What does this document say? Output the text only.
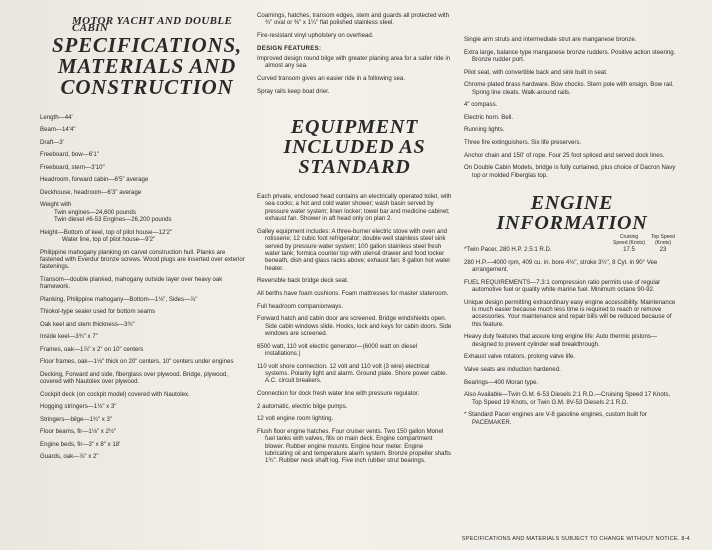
MOTOR YACHT AND DOUBLE CABIN
SPECIFICATIONS,
MATERIALS AND
CONSTRUCTION
Length—44'
Beam—14'4"
Draft—3'
Freeboard, bow—6'1"
Freeboard, stern—3'10"
Headroom, forward cabin—6'5" average
Deckhouse, headroom—6'3" average
Weight with
Twin engines—24,600 pounds
Twin diesel #6-53 Engines—26,200 pounds
Height—Bottom of keel, top of pilot house—12'2"
Water line, top of pilot house—9'2"
Philippine mahogany planking on carvel construction hull. Planks are fastened with Everdur bronze screws. Wood plugs are inserted over exterior fastenings.
Transom—double planked, mahogany outside layer over heavy oak framework.
Planking, Philippine mahogany—Bottom—1⅛", Sides—⅞"
Thiokol-type sealer used for bottom seams
Oak keel and stem thickness—3¾"
Inside keel—3¾" x 7"
Frames, oak—1⅞" x 2" on 10" centers
Floor frames, oak—1⅛" thick on 20" centers, 10" centers under engines
Decking, Forward and side, fiberglass over plywood. Bridge, plywood, covered with Nautolex over plywood.
Cockpit deck (on cockpit model) covered with Nautolex.
Hogging stringers—1⅛" x 3"
Stringers—bilge—1¾" x 3"
Floor beams, fir—1⅛" x 2½"
Engine beds, fir—3" x 8" x 18'
Guards, oak—⅞" x 2"

Coamings, hatches, transom edges, stem and guards all protected with ¾" oval or ⅜" x 1¼" flat polished stainless steel.

Fire-resistant vinyl upholstery on overhead.

DESIGN FEATURES:

Improved design round bilge with greater planing area for a safer ride in almost any sea.

Curved transom gives an easier ride in a following sea.

Spray rails keep boat drier.

EQUIPMENT
INCLUDED AS
STANDARD

Each private, enclosed head contains an electrically operated toilet, with sea cocks; a hot and cold water shower; wash basin served by pressure water system; linen locker; towel bar and medicine cabinet; exhaust fan. Shower in aft head only on plan 2.

Galley equipment includes: A three-burner electric stove with oven and rotisserie; 12 cubic foot refrigerator; double well stainless steel sink served by pressure water system; 100 gallon stainless steel fresh water tank; formica counter top with utensil drawer and food locker beneath, dish and glass racks above; exhaust fan; 8 gallon hot water heater.

Reversible back bridge deck seat.

All berths have foam cushions. Foam mattresses for master stateroom.

Full headroom companionways.

Forward hatch and cabin door are screened. Bridge windshields open. Side cabin windows slide. Hooks, lock and keys for cabin doors. Side windows are screened.

6500 watt, 110 volt electric generator—(6000 watt on diesel installations.)

110 volt shore connection. 12 volt and 110 volt (3 wire) electrical systems. Polarity light and alarm. Ground plate. Shore power cable. A.C. circuit breakers.

Connection for dock fresh water line with pressure regulator.

2 automatic, electric bilge pumps.

12 volt engine room lighting.

Flush floor engine hatches. Four cruiser vents. Two 150 gallon Monel fuel tanks with valves, fills on main deck. Engine compartment blower. Rubber engine mounts. Engine hour meter. Engine lubricating oil and temperature alarm system. Bronze propeller shafts 1¾". Rubber neck shaft log. Five inch rubber strut bearings.

Single arm struts and intermediate strut are manganese bronze.

Extra large, balance type manganese bronze rudders. Positive action steering. Bronze rudder port.

Pilot seat, with convertible back and sink built in seat.

Chrome plated brass hardware. Bow chocks. Stern pole with ensign. Bow rail. Spring line cleats. Walk-around rails.

4" compass.

Electric horn. Bell.

Running lights.

Three fire extinguishers. Six life preservers.

Anchor chain and 150' of rope. Four 25 foot spliced and served dock lines.

On Double Cabin Models, bridge is fully curtained, plus choice of Dacron Navy top or molded Fiberglas top.

ENGINE
INFORMATION
Cruising Speed (Knots)
Top Speed (Knots)
*Twin Pacer, 280 H.P. 2.5:1 R.D.	17.5	23

280 H.P.—4000 rpm, 409 cu. in. bore 4⅛", stroke 3½", 8 Cyl. in 90° Vee arrangement.

FUEL REQUIREMENTS—7.3:1 compression ratio permits use of regular automotive fuel or quality white marine fuel. Minimum octane 90-92.

Unique design permitting extraordinary easy engine accessibility. Maintenance is much easier because much less time is required to reach or remove accessories. Your maintenance and repair bills will be reduced because of this feature.

Heavy duty features that assure long engine life: Auto thermic pistons—designed to prevent cylinder wall breakthrough.

Exhaust valve rotators, prolong valve life.

Valve seats are induction hardened.

Bearings—400 Moran type.

Also Available—Twin G.M. 6-53 Diesels 2:1 R.D.—Cruising Speed 17 Knots, Top Speed 19 Knots, or Twin G.M. 8V-53 Diesels 2:1 R.D.

* Standard Pacer engines are V-8 gasoline engines, custom built for PACEMAKER.

SPECIFICATIONS AND MATERIALS SUBJECT TO CHANGE WITHOUT NOTICE. 8-4
